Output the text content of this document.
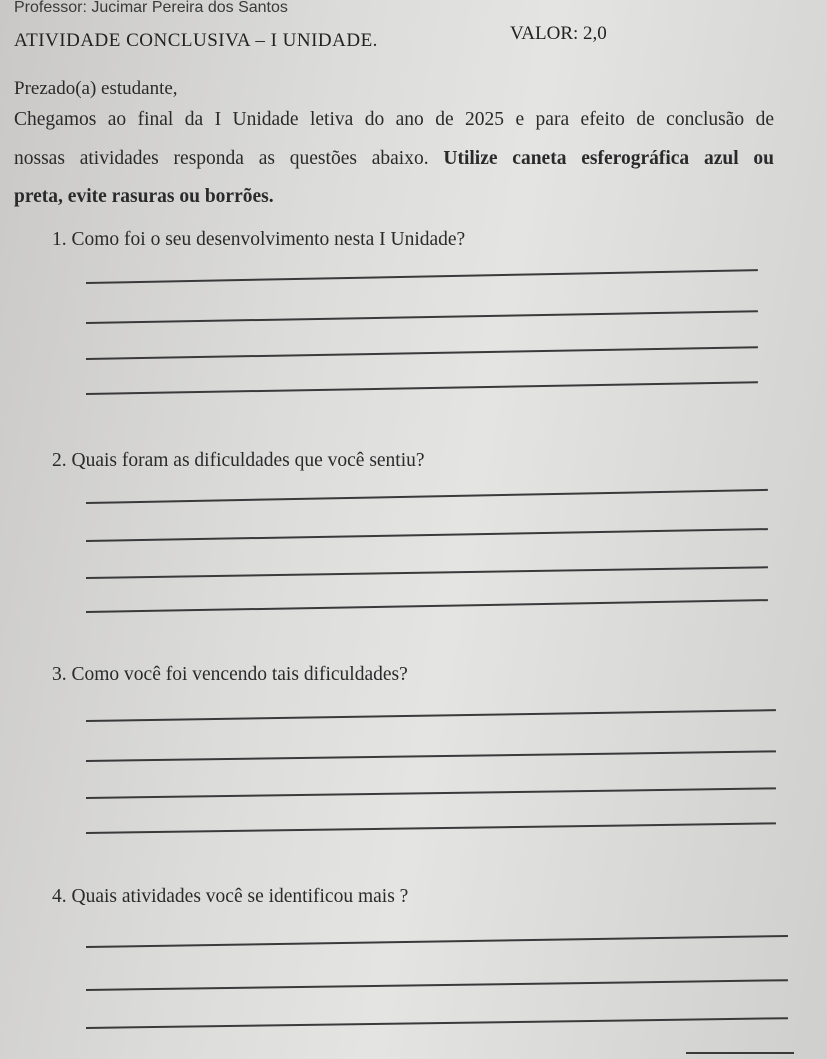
Professor: Jucimar Pereira dos Santos
ATIVIDADE CONCLUSIVA – I UNIDADE.	VALOR: 2,0
Prezado(a) estudante,
Chegamos ao final da I Unidade letiva do ano de 2025 e para efeito de conclusão de
nossas atividades responda as questões abaixo. Utilize caneta esferográfica azul ou
preta, evite rasuras ou borrões.
1. Como foi o seu desenvolvimento nesta I Unidade?
2. Quais foram as dificuldades que você sentiu?
3. Como você foi vencendo tais dificuldades?
4. Quais atividades você se identificou mais ?
